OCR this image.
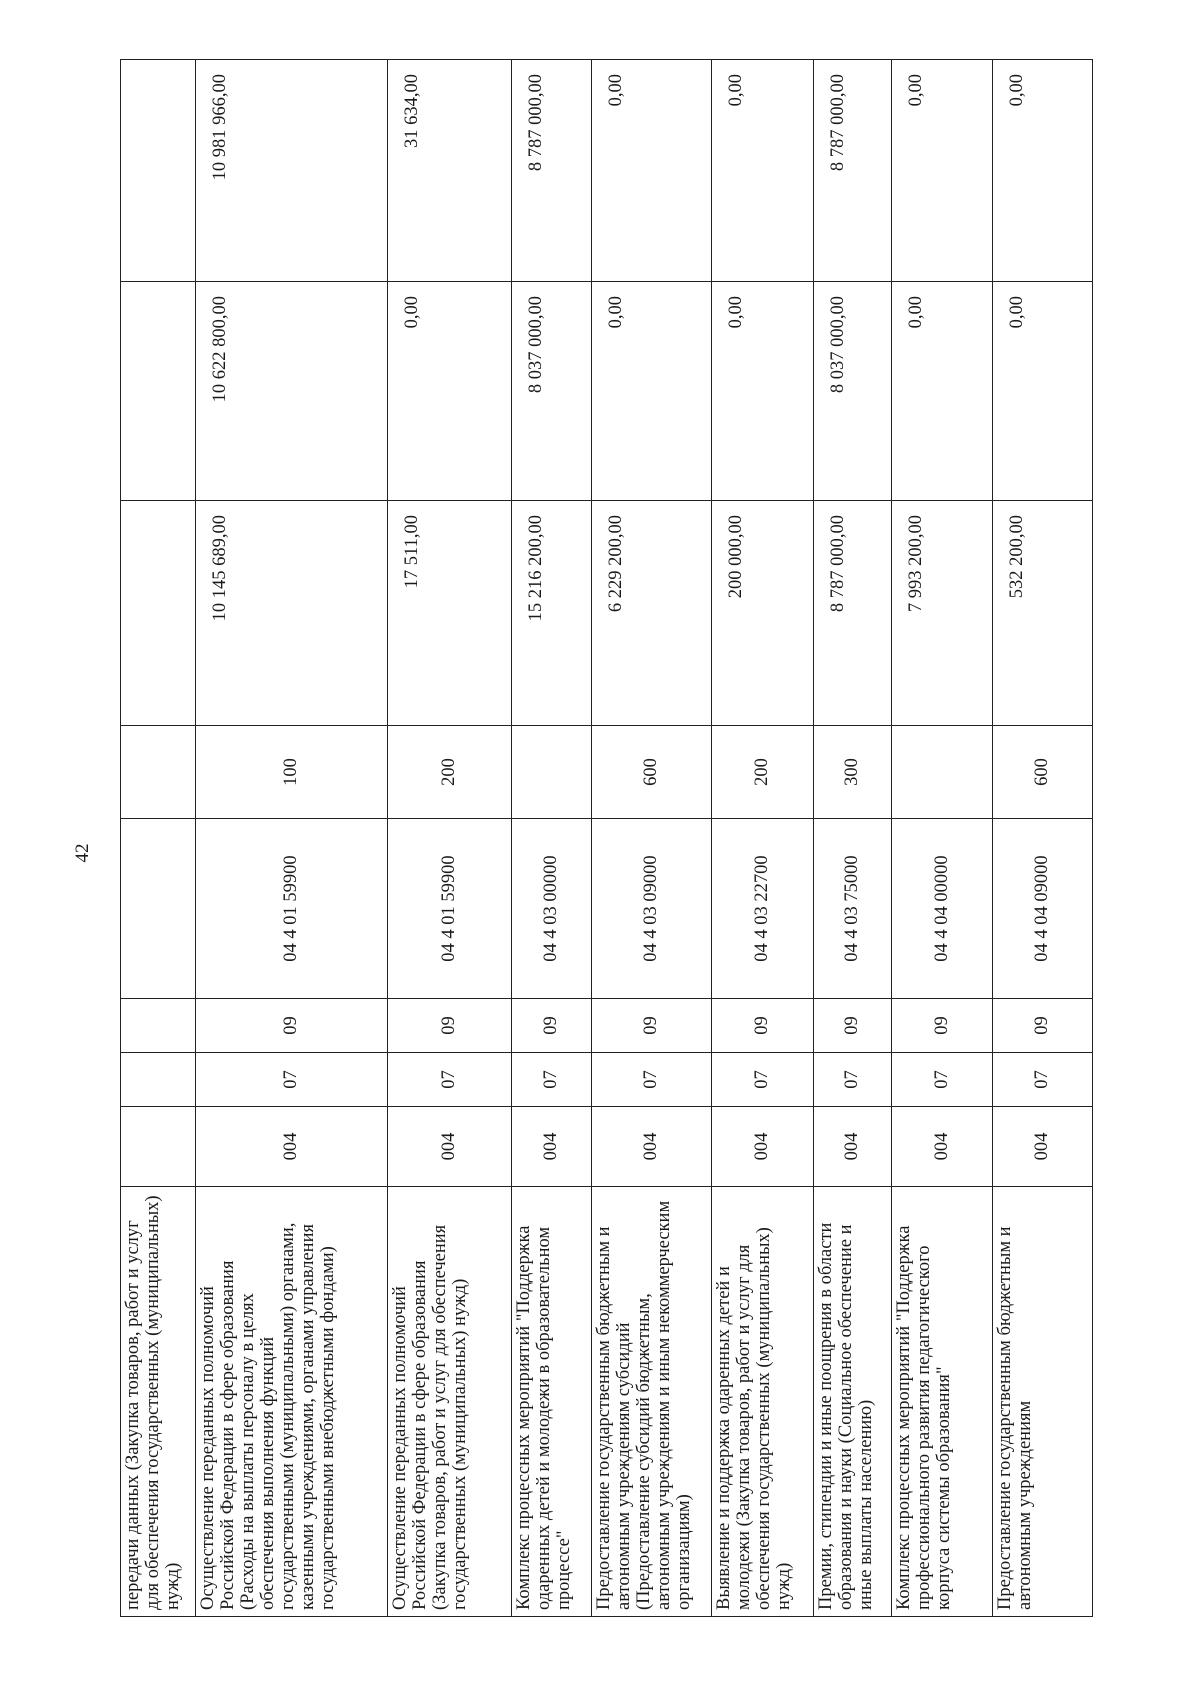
42
передачи данных (Закупка товаров, работ и услуг для обеспечения государственных (муниципальных) нужд)								
Осуществление переданных полномочий Российской Федерации в сфере образования (Расходы на выплаты персоналу в целях обеспечения выполнения функций государственными (муниципальными) органами, казенными учреждениями, органами управления государственными внебюджетными фондами)	004	07	09	04 4 01 59900	100	10 145 689,00	10 622 800,00	10 981 966,00
Осуществление переданных полномочий Российской Федерации в сфере образования (Закупка товаров, работ и услуг для обеспечения государственных (муниципальных) нужд)	004	07	09	04 4 01 59900	200	17 511,00	0,00	31 634,00
Комплекс процессных мероприятий "Поддержка одаренных детей и молодежи в образовательном процессе"	004	07	09	04 4 03 00000		15 216 200,00	8 037 000,00	8 787 000,00
Предоставление государственным бюджетным и автономным учреждениям субсидий (Предоставление субсидий бюджетным, автономным учреждениям и иным некоммерческим организациям)	004	07	09	04 4 03 09000	600	6 229 200,00	0,00	0,00
Выявление и поддержка одаренных детей и молодежи (Закупка товаров, работ и услуг для обеспечения государственных (муниципальных) нужд)	004	07	09	04 4 03 22700	200	200 000,00	0,00	0,00
Премии, стипендии и иные поощрения в области образования и науки (Социальное обеспечение и иные выплаты населению)	004	07	09	04 4 03 75000	300	8 787 000,00	8 037 000,00	8 787 000,00
Комплекс процессных мероприятий "Поддержка профессионального развития педагогического корпуса системы образования"	004	07	09	04 4 04 00000		7 993 200,00	0,00	0,00
Предоставление государственным бюджетным и автономным учреждениям	004	07	09	04 4 04 09000	600	532 200,00	0,00	0,00
